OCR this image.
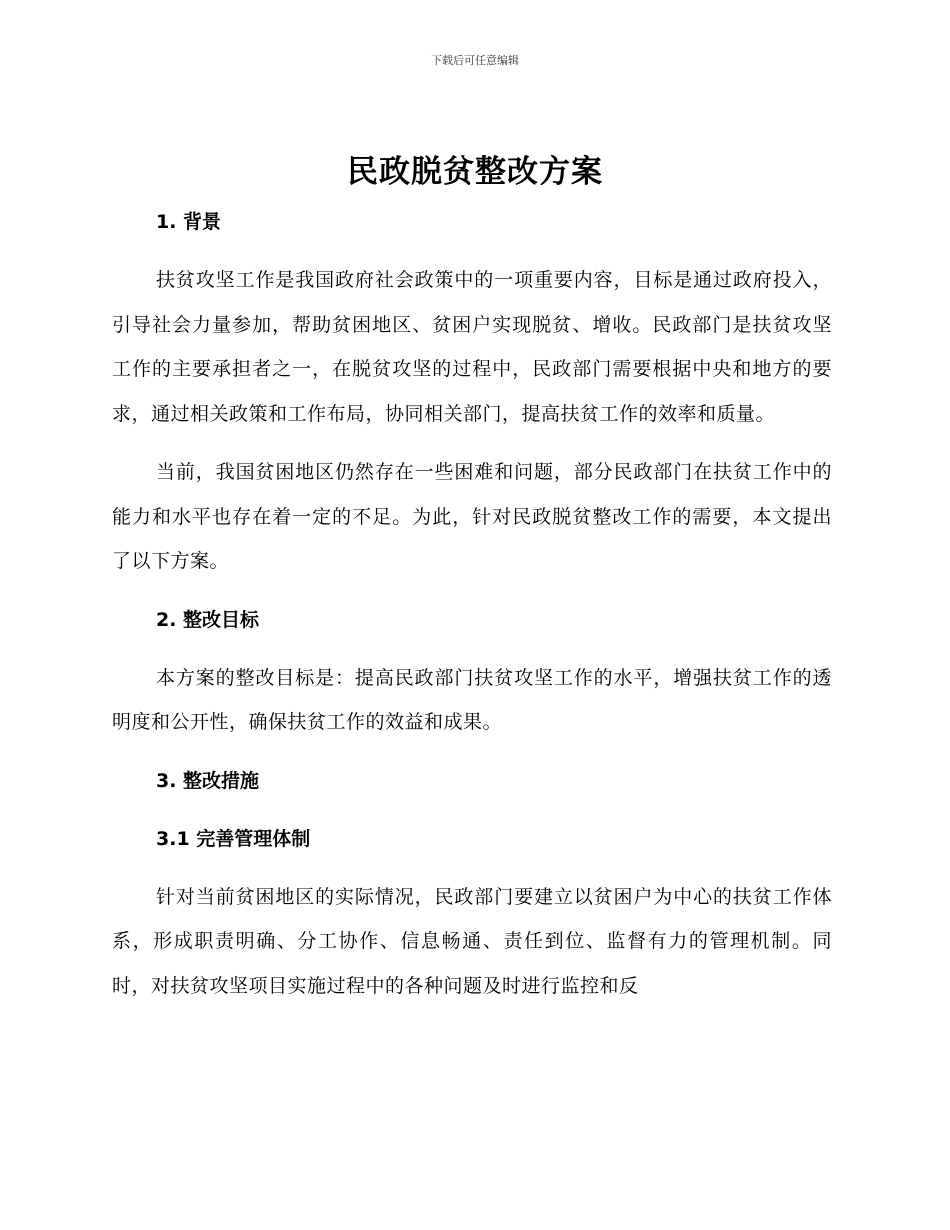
下载后可任意编辑
民政脱贫整改方案
1. 背景

扶贫攻坚工作是我国政府社会政策中的一项重要内容，目标是通过政府投入，引导社会力量参加，帮助贫困地区、贫困户实现脱贫、增收。民政部门是扶贫攻坚工作的主要承担者之一，在脱贫攻坚的过程中，民政部门需要根据中央和地方的要求，通过相关政策和工作布局，协同相关部门，提高扶贫工作的效率和质量。

当前，我国贫困地区仍然存在一些困难和问题，部分民政部门在扶贫工作中的能力和水平也存在着一定的不足。为此，针对民政脱贫整改工作的需要，本文提出了以下方案。

2. 整改目标

本方案的整改目标是：提高民政部门扶贫攻坚工作的水平，增强扶贫工作的透明度和公开性，确保扶贫工作的效益和成果。

3. 整改措施
3.1 完善管理体制

针对当前贫困地区的实际情况，民政部门要建立以贫困户为中心的扶贫工作体系，形成职责明确、分工协作、信息畅通、责任到位、监督有力的管理机制。同时，对扶贫攻坚项目实施过程中的各种问题及时进行监控和反
